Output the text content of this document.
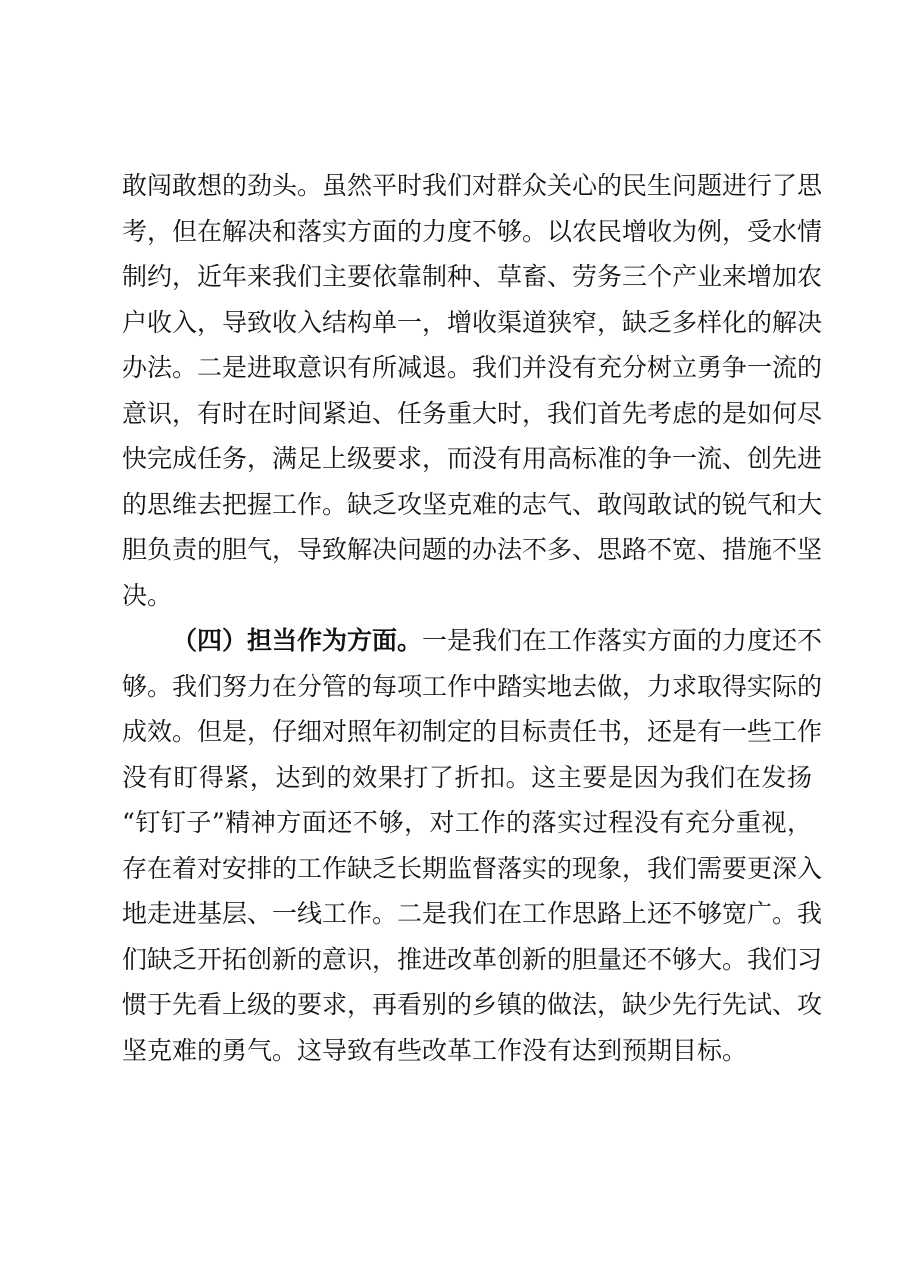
敢闯敢想的劲头。虽然平时我们对群众关心的民生问题进行了思
考，但在解决和落实方面的力度不够。以农民增收为例，受水情
制约，近年来我们主要依靠制种、草畜、劳务三个产业来增加农
户收入，导致收入结构单一，增收渠道狭窄，缺乏多样化的解决
办法。二是进取意识有所减退。我们并没有充分树立勇争一流的
意识，有时在时间紧迫、任务重大时，我们首先考虑的是如何尽
快完成任务，满足上级要求，而没有用高标准的争一流、创先进
的思维去把握工作。缺乏攻坚克难的志气、敢闯敢试的锐气和大
胆负责的胆气，导致解决问题的办法不多、思路不宽、措施不坚
决。
（四）担当作为方面。一是我们在工作落实方面的力度还不
够。我们努力在分管的每项工作中踏实地去做，力求取得实际的
成效。但是，仔细对照年初制定的目标责任书，还是有一些工作
没有盯得紧，达到的效果打了折扣。这主要是因为我们在发扬
“钉钉子”精神方面还不够，对工作的落实过程没有充分重视，
存在着对安排的工作缺乏长期监督落实的现象，我们需要更深入
地走进基层、一线工作。二是我们在工作思路上还不够宽广。我
们缺乏开拓创新的意识，推进改革创新的胆量还不够大。我们习
惯于先看上级的要求，再看别的乡镇的做法，缺少先行先试、攻
坚克难的勇气。这导致有些改革工作没有达到预期目标。
